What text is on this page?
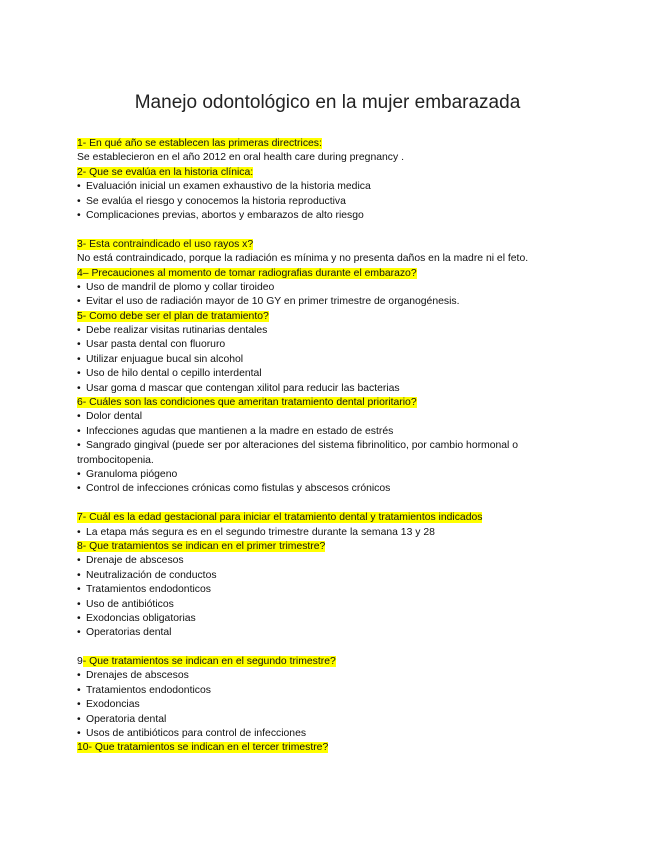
Manejo odontológico en la mujer embarazada
1- En qué año se establecen las primeras directrices:
Se establecieron en el año 2012 en oral health care during pregnancy .
2- Que se evalúa en la historia clínica:
• Evaluación inicial un examen exhaustivo de la historia medica
• Se evalúa el riesgo y conocemos la historia reproductiva
• Complicaciones previas, abortos y embarazos de alto riesgo
3- Esta contraindicado el uso rayos x?
No está contraindicado, porque la radiación es mínima y no presenta daños en la madre ni el feto.
4– Precauciones al momento de tomar radiografias durante el embarazo?
• Uso de mandril de plomo y collar tiroideo
• Evitar el uso de radiación mayor de 10 GY en primer trimestre de organogénesis.
5- Como debe ser el plan de tratamiento?
• Debe realizar visitas rutinarias dentales
• Usar pasta dental con fluoruro
• Utilizar enjuague bucal sin alcohol
• Uso de hilo dental o cepillo interdental
• Usar goma d mascar que contengan xilitol para reducir las bacterias
6- Cuáles son las condiciones que ameritan tratamiento dental prioritario?
• Dolor dental
• Infecciones agudas que mantienen a la madre en estado de estrés
• Sangrado gingival (puede ser por alteraciones del sistema fibrinolitico, por cambio hormonal o
trombocitopenia.
• Granuloma piógeno
• Control de infecciones crónicas como fistulas y abscesos crónicos
7- Cuál es la edad gestacional para iniciar el tratamiento dental y tratamientos indicados
• La etapa más segura es en el segundo trimestre durante la semana 13 y 28
8- Que tratamientos se indican en el primer trimestre?
• Drenaje de abscesos
• Neutralización de conductos
• Tratamientos endodonticos
• Uso de antibióticos
• Exodoncias obligatorias
• Operatorias dental
9- Que tratamientos se indican en el segundo trimestre?
• Drenajes de abscesos
• Tratamientos endodonticos
• Exodoncias
• Operatoria dental
• Usos de antibióticos para control de infecciones
10- Que tratamientos se indican en el tercer trimestre?
